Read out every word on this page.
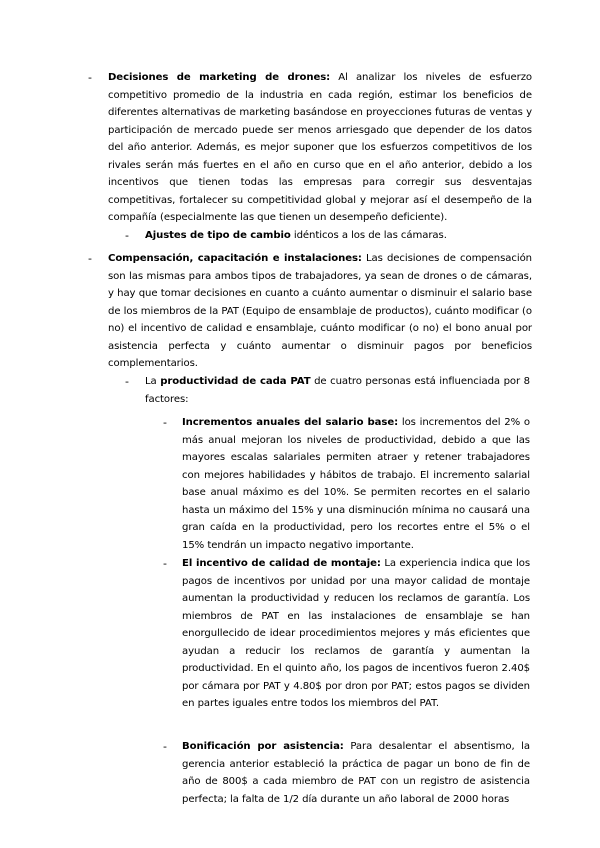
- Decisiones de marketing de drones: Al analizar los niveles de esfuerzo competitivo promedio de la industria en cada región, estimar los beneficios de diferentes alternativas de marketing basándose en proyecciones futuras de ventas y participación de mercado puede ser menos arriesgado que depender de los datos del año anterior. Además, es mejor suponer que los esfuerzos competitivos de los rivales serán más fuertes en el año en curso que en el año anterior, debido a los incentivos que tienen todas las empresas para corregir sus desventajas competitivas, fortalecer su competitividad global y mejorar así el desempeño de la compañía (especialmente las que tienen un desempeño deficiente).

- Ajustes de tipo de cambio idénticos a los de las cámaras.

- Compensación, capacitación e instalaciones: Las decisiones de compensación son las mismas para ambos tipos de trabajadores, ya sean de drones o de cámaras, y hay que tomar decisiones en cuanto a cuánto aumentar o disminuir el salario base de los miembros de la PAT (Equipo de ensamblaje de productos), cuánto modificar (o no) el incentivo de calidad e ensamblaje, cuánto modificar (o no) el bono anual por asistencia perfecta y cuánto aumentar o disminuir pagos por beneficios complementarios.

- La productividad de cada PAT de cuatro personas está influenciada por 8 factores:

- Incrementos anuales del salario base: los incrementos del 2% o más anual mejoran los niveles de productividad, debido a que las mayores escalas salariales permiten atraer y retener trabajadores con mejores habilidades y hábitos de trabajo. El incremento salarial base anual máximo es del 10%. Se permiten recortes en el salario hasta un máximo del 15% y una disminución mínima no causará una gran caída en la productividad, pero los recortes entre el 5% o el 15% tendrán un impacto negativo importante.

- El incentivo de calidad de montaje: La experiencia indica que los pagos de incentivos por unidad por una mayor calidad de montaje aumentan la productividad y reducen los reclamos de garantía. Los miembros de PAT en las instalaciones de ensamblaje se han enorgullecido de idear procedimientos mejores y más eficientes que ayudan a reducir los reclamos de garantía y aumentan la productividad. En el quinto año, los pagos de incentivos fueron 2.40$ por cámara por PAT y 4.80$ por dron por PAT; estos pagos se dividen en partes iguales entre todos los miembros del PAT.

- Bonificación por asistencia: Para desalentar el absentismo, la gerencia anterior estableció la práctica de pagar un bono de fin de año de 800$ a cada miembro de PAT con un registro de asistencia perfecta; la falta de 1/2 día durante un año laboral de 2000 horas
